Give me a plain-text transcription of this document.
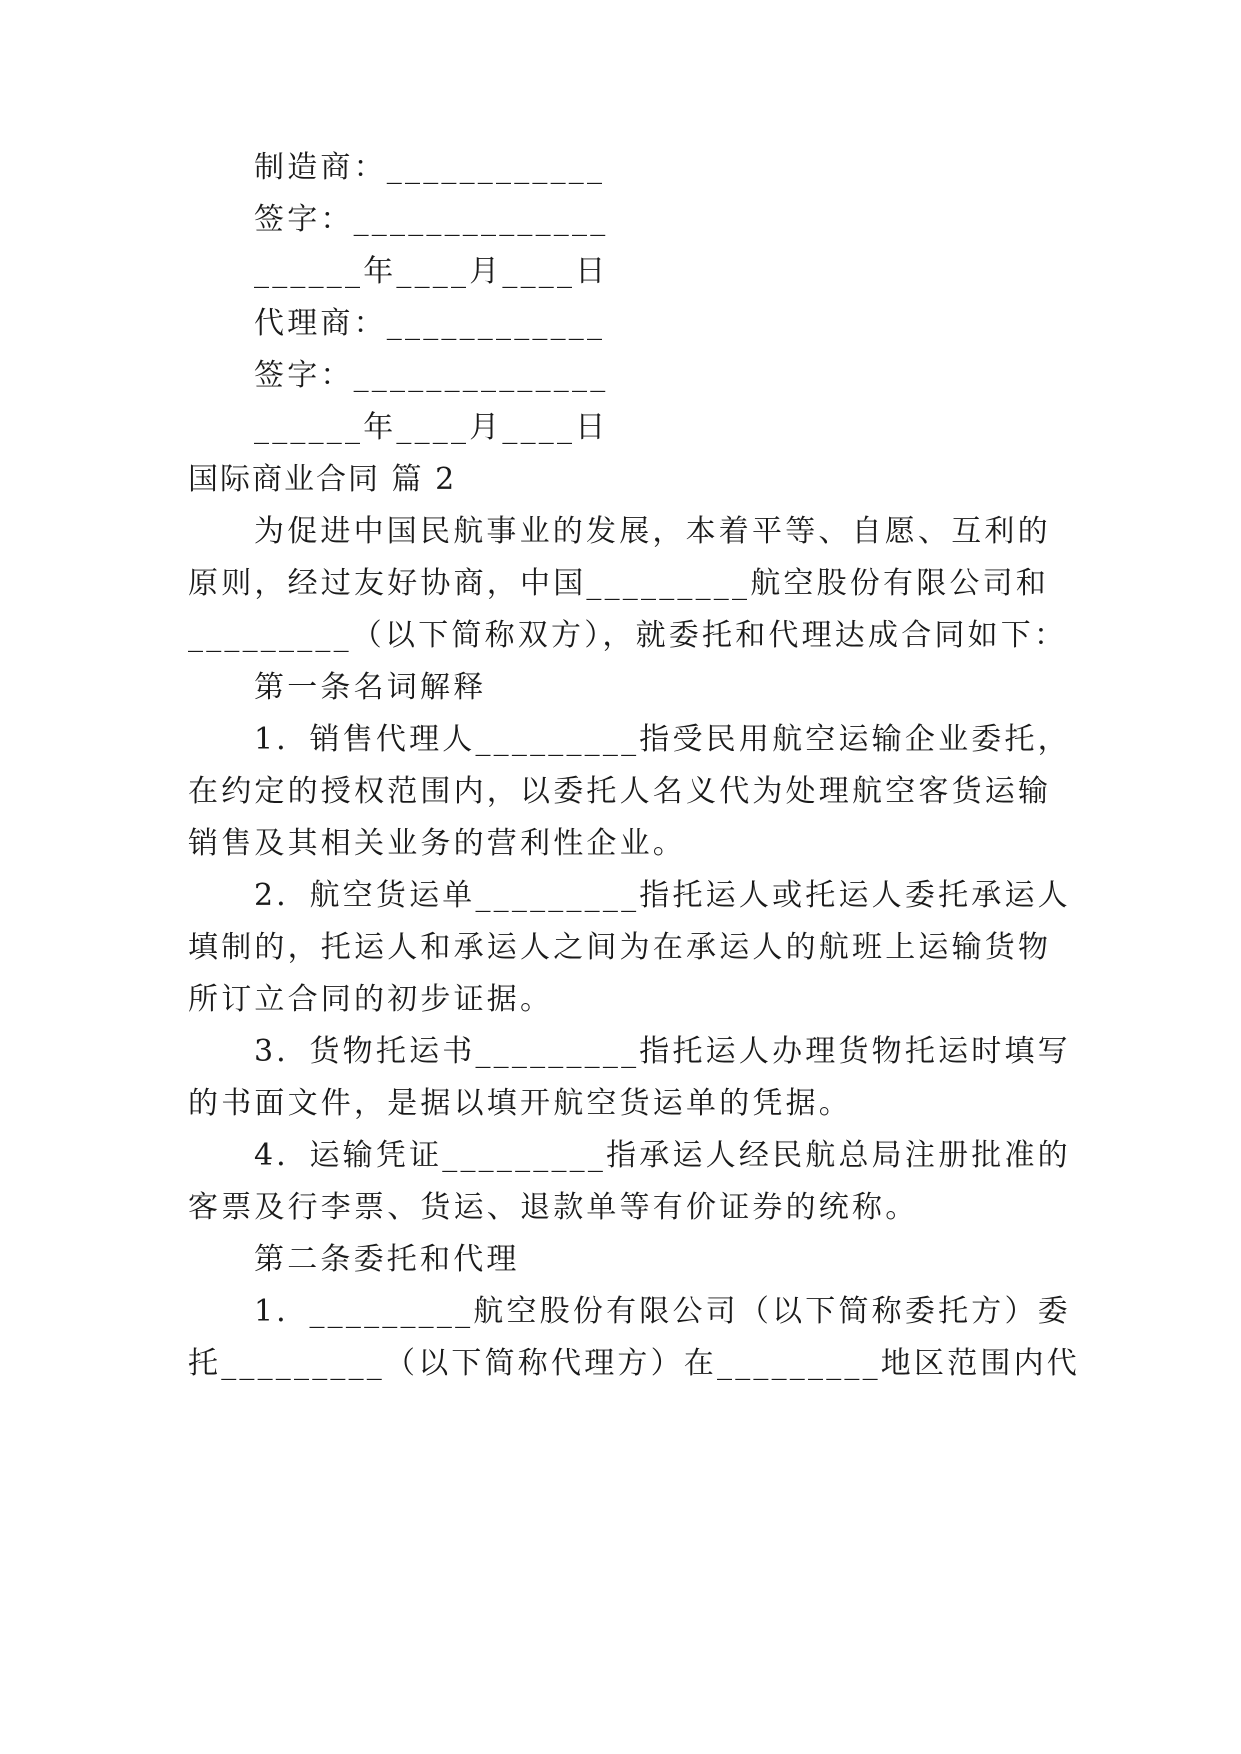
制造商：____________
签字：______________
______年____月____日
代理商：____________
签字：______________
______年____月____日
国际商业合同 篇 2
为促进中国民航事业的发展，本着平等、自愿、互利的
原则，经过友好协商，中国_________航空股份有限公司和
_________（以下简称双方），就委托和代理达成合同如下：
第一条名词解释
1．销售代理人_________指受民用航空运输企业委托，
在约定的授权范围内，以委托人名义代为处理航空客货运输
销售及其相关业务的营利性企业。
2．航空货运单_________指托运人或托运人委托承运人
填制的，托运人和承运人之间为在承运人的航班上运输货物
所订立合同的初步证据。
3．货物托运书_________指托运人办理货物托运时填写
的书面文件，是据以填开航空货运单的凭据。
4．运输凭证_________指承运人经民航总局注册批准的
客票及行李票、货运、退款单等有价证券的统称。
第二条委托和代理
1．_________航空股份有限公司（以下简称委托方）委
托_________（以下简称代理方）在_________地区范围内代
